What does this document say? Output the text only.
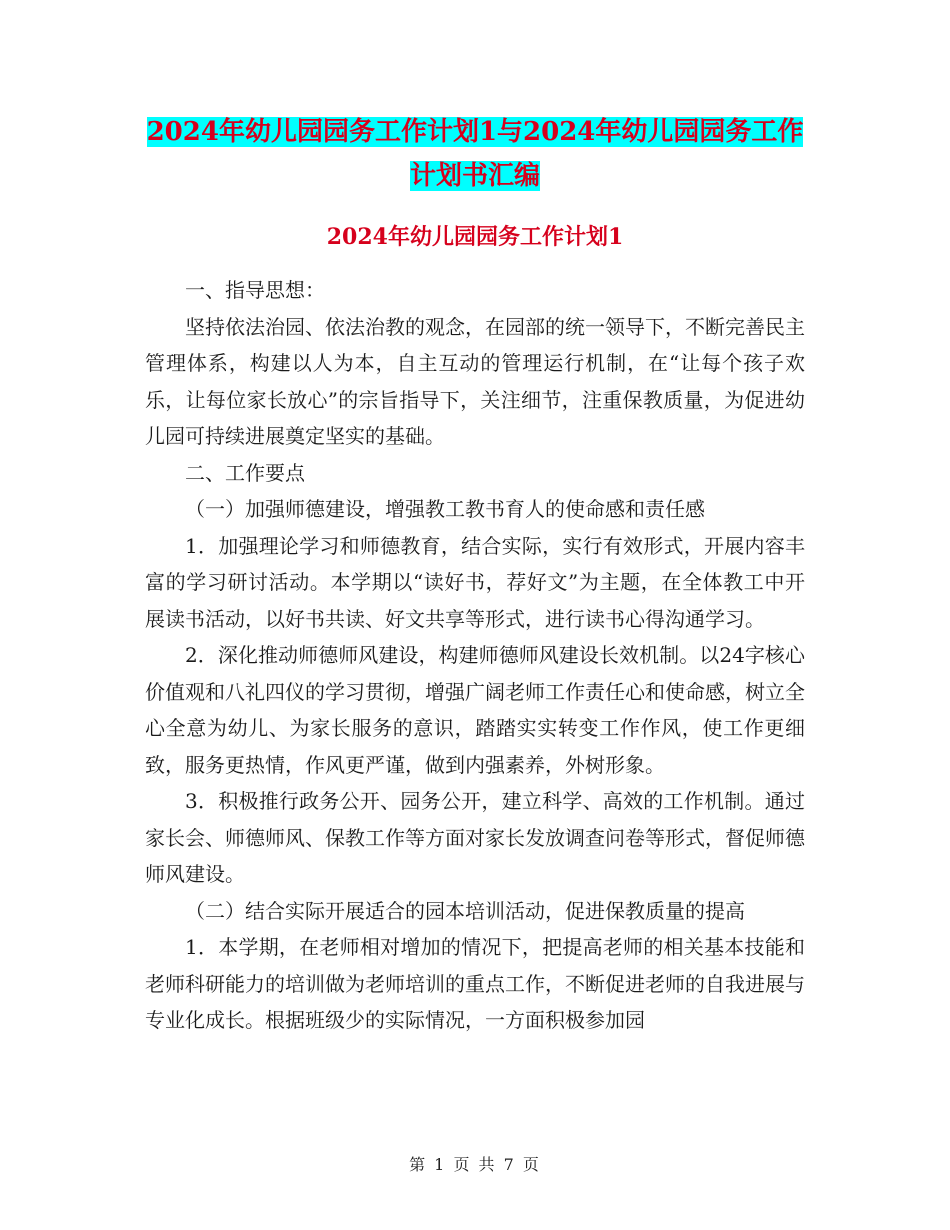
2024年幼儿园园务工作计划1与2024年幼儿园园务工作计划书汇编
2024年幼儿园园务工作计划1

一、指导思想：

坚持依法治园、依法治教的观念，在园部的统一领导下，不断完善民主管理体系，构建以人为本，自主互动的管理运行机制，在“让每个孩子欢乐，让每位家长放心”的宗旨指导下，关注细节，注重保教质量，为促进幼儿园可持续进展奠定坚实的基础。

二、工作要点

（一）加强师德建设，增强教工教书育人的使命感和责任感

1．加强理论学习和师德教育，结合实际，实行有效形式，开展内容丰富的学习研讨活动。本学期以“读好书，荐好文”为主题，在全体教工中开展读书活动，以好书共读、好文共享等形式，进行读书心得沟通学习。

2．深化推动师德师风建设，构建师德师风建设长效机制。以24字核心价值观和八礼四仪的学习贯彻，增强广阔老师工作责任心和使命感，树立全心全意为幼儿、为家长服务的意识，踏踏实实转变工作作风，使工作更细致，服务更热情，作风更严谨，做到内强素养，外树形象。

3．积极推行政务公开、园务公开，建立科学、高效的工作机制。通过家长会、师德师风、保教工作等方面对家长发放调查问卷等形式，督促师德师风建设。

（二）结合实际开展适合的园本培训活动，促进保教质量的提高

1．本学期，在老师相对增加的情况下，把提高老师的相关基本技能和老师科研能力的培训做为老师培训的重点工作，不断促进老师的自我进展与专业化成长。根据班级少的实际情况，一方面积极参加园

第 1 页 共 7 页
